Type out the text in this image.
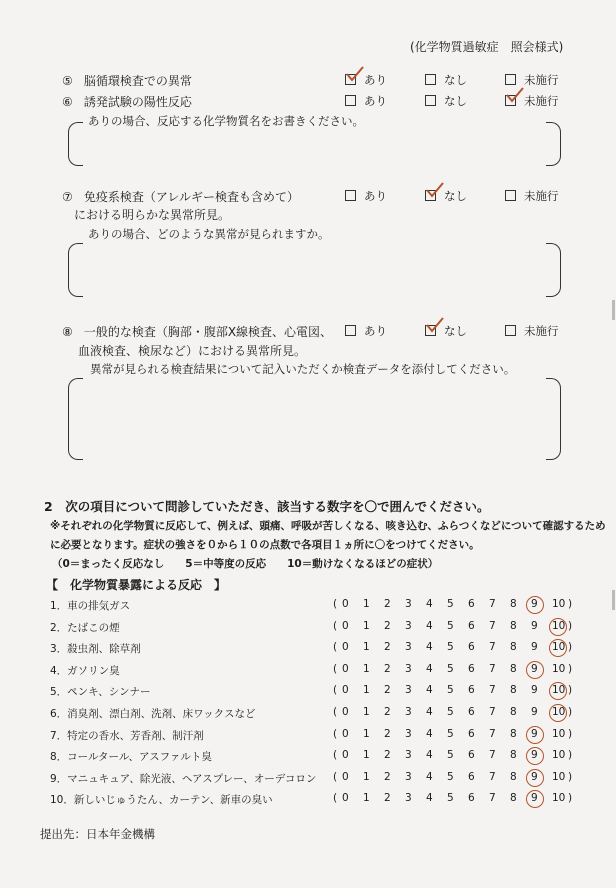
(化学物質過敏症　照会様式)
⑤ 脳循環検査での異常	あり	なし	未施行
⑥ 誘発試験の陽性反応	あり	なし	未施行
ありの場合、反応する化学物質名をお書きください。
⑦ 免疫系検査（アレルギー検査も含めて）
における明らかな異常所見。
あり	なし	未施行
ありの場合、どのような異常が見られますか。
⑧ 一般的な検査（胸部・腹部X線検査、心電図、
血液検査、検尿など）における異常所見。
あり	なし	未施行
異常が見られる検査結果について記入いただくか検査データを添付してください。
2　次の項目について問診していただき、該当する数字を〇で囲んでください。
※それぞれの化学物質に反応して、例えば、頭痛、呼吸が苦しくなる、咳き込む、ふらつくなどについて確認するため
に必要となります。症状の強さを０から１０の点数で各項目１ヵ所に〇をつけてください。
（0＝まったく反応なし　　5＝中等度の反応　　10＝動けなくなるほどの症状）
【　化学物質暴露による反応　】
1．車の排気ガス	( 0 1 2 3 4 5 6 7 8 9 10 )
2．たばこの煙	( 0 1 2 3 4 5 6 7 8 9 10 )
3．殺虫剤、除草剤	( 0 1 2 3 4 5 6 7 8 9 10 )
4．ガソリン臭	( 0 1 2 3 4 5 6 7 8 9 10 )
5．ペンキ、シンナー	( 0 1 2 3 4 5 6 7 8 9 10 )
6．消臭剤、漂白剤、洗剤、床ワックスなど	( 0 1 2 3 4 5 6 7 8 9 10 )
7．特定の香水、芳香剤、制汗剤	( 0 1 2 3 4 5 6 7 8 9 10 )
8．コールタール、アスファルト臭	( 0 1 2 3 4 5 6 7 8 9 10 )
9．マニュキュア、除光液、ヘアスプレー、オーデコロン ( 0 1 2 3 4 5 6 7 8 9 10 )
10．新しいじゅうたん、カーテン、新車の臭い	( 0 1 2 3 4 5 6 7 8 9 10 )
提出先：日本年金機構
